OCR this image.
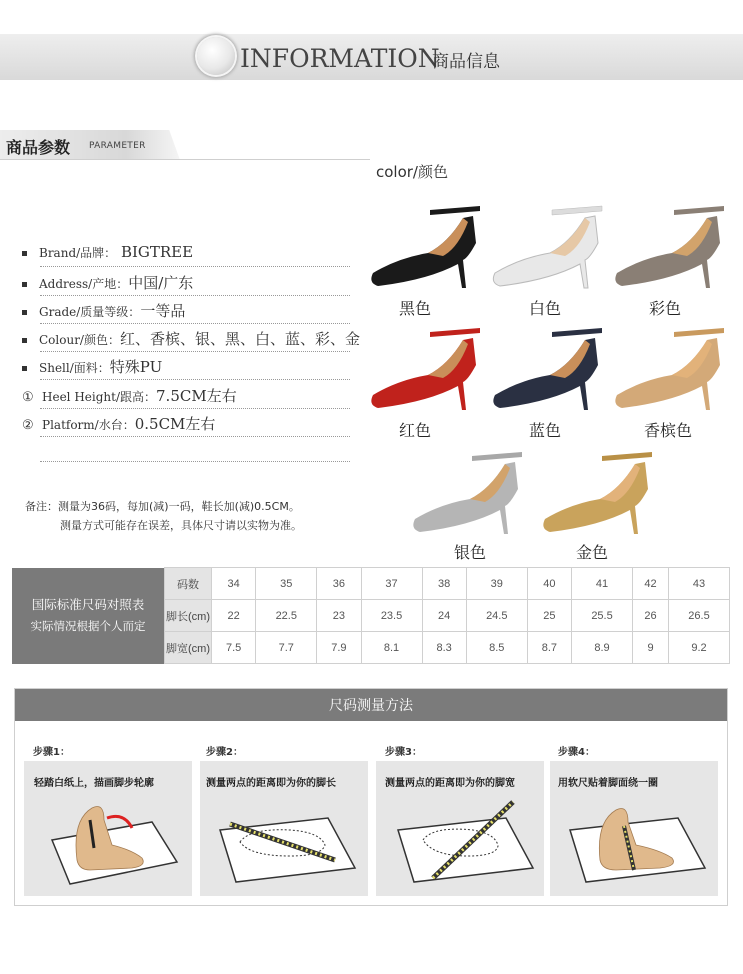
INFORMATION
商品信息
商品参数 PARAMETER
color/颜色
Brand/品牌： BIGTREE
Address/产地：中国/广东
Grade/质量等级：一等品
Colour/颜色：红、香槟、银、黑、白、蓝、彩、金
Shell/面料：特殊PU
① Heel Height/跟高：7.5CM左右
② Platform/水台：0.5CM左右
黑色	白色	彩色
红色	蓝色	香槟色
银色	金色
备注：测量为36码，每加(减)一码，鞋长加(减)0.5CM。
测量方式可能存在误差，具体尺寸请以实物为准。
国际标准尺码对照表
实际情况根据个人而定	码数	34	35	36	37	38	39	40	41	42	43
	脚长(cm)	22	22.5	23	23.5	24	24.5	25	25.5	26	26.5
	脚宽(cm)	7.5	7.7	7.9	8.1	8.3	8.5	8.7	8.9	9	9.2
尺码测量方法
步骤1：	步骤2：	步骤3：	步骤4：
轻踏白纸上，描画脚步轮廓	测量两点的距离即为你的脚长	测量两点的距离即为你的脚宽	用软尺贴着脚面绕一圈
